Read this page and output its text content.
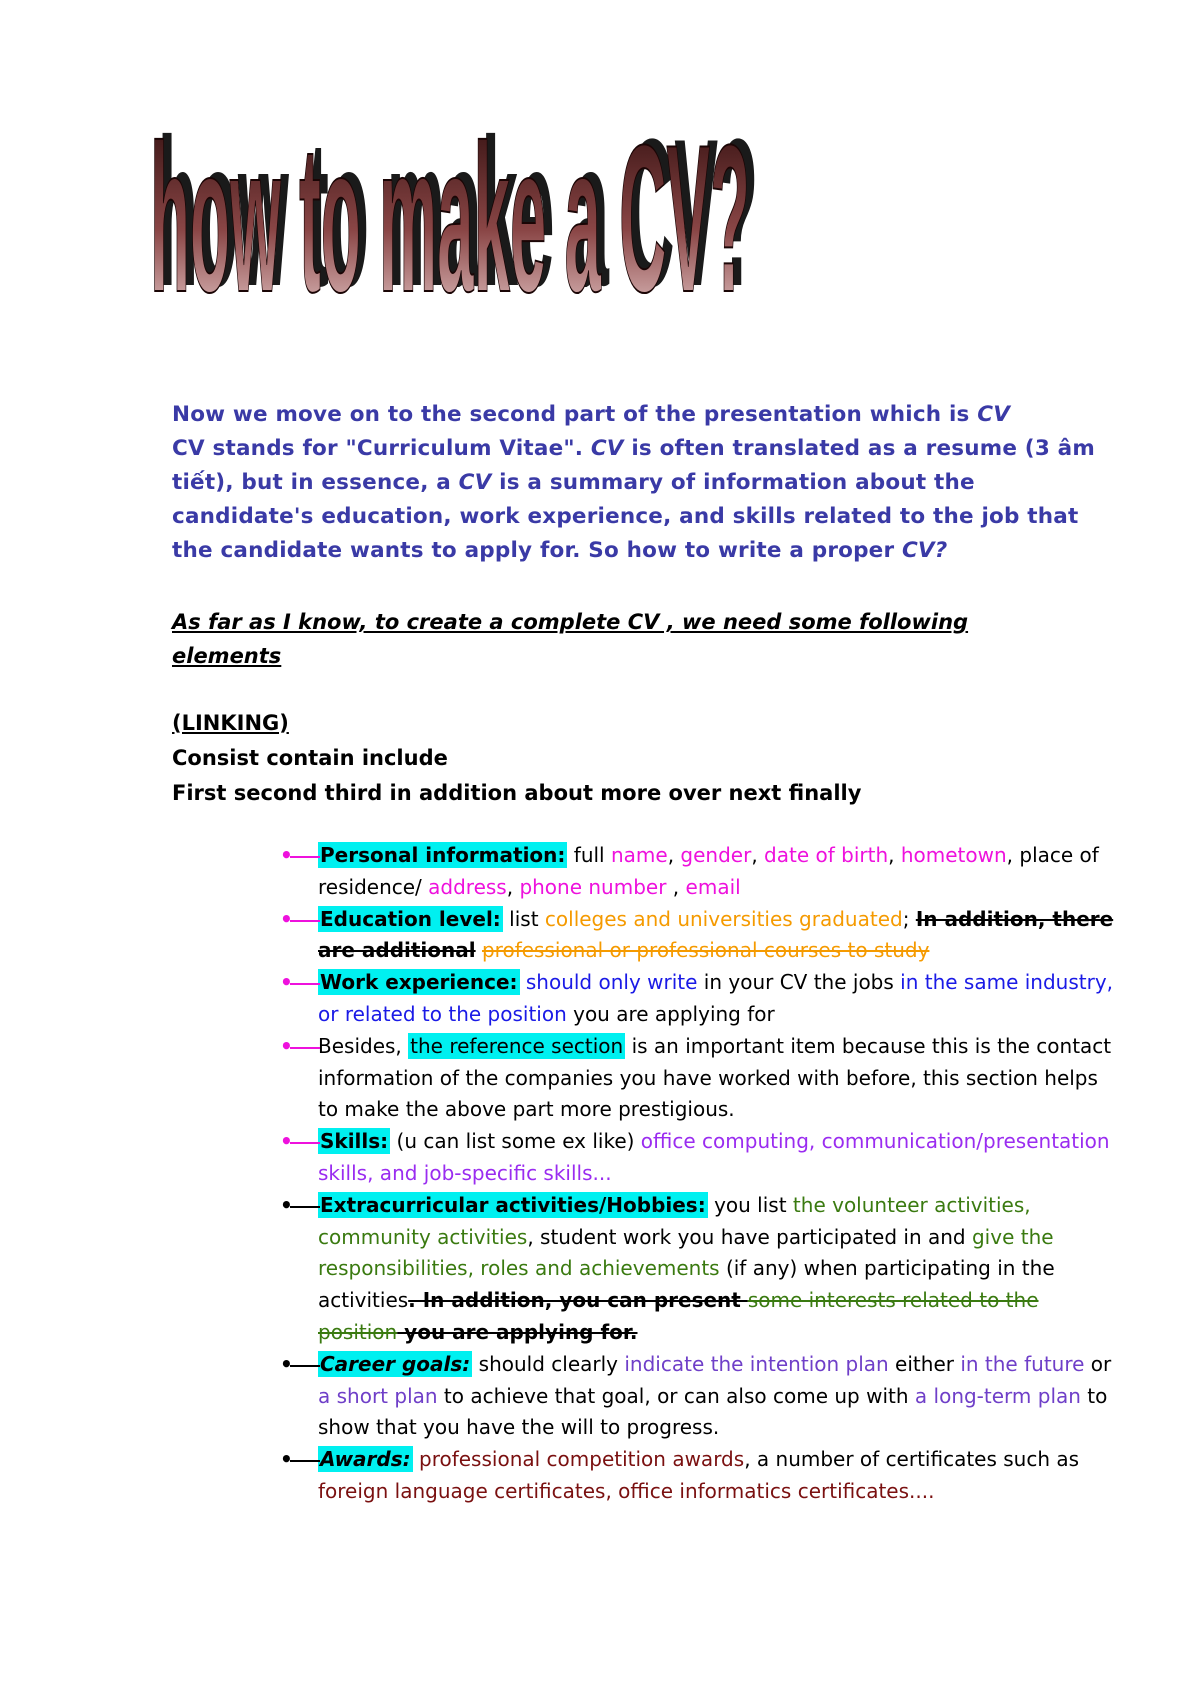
how to make a CV?
how to make a CV?

Now we move on to the second part of the presentation which is CV

CV stands for "Curriculum Vitae". CV is often translated as a resume (3 âm tiết), but in essence, a CV is a summary of information about the candidate's education, work experience, and skills related to the job that the candidate wants to apply for. So how to write a proper CV?

As far as I know, to create a complete CV , we need some following elements
(LINKING)
Consist contain include
First second third in addition about more over next finally
• Personal information: full name, gender, date of birth, hometown, place of residence/ address, phone number , email
• Education level: list colleges and universities graduated; In addition, there are additional professional or professional courses to study
• Work experience: should only write in your CV the jobs in the same industry, or related to the position you are applying for
• Besides, the reference section is an important item because this is the contact information of the companies you have worked with before, this section helps to make the above part more prestigious.
• Skills: (u can list some ex like) office computing, communication/presentation skills, and job-specific skills...
• Extracurricular activities/Hobbies: you list the volunteer activities, community activities, student work you have participated in and give the responsibilities, roles and achievements (if any) when participating in the activities. In addition, you can present some interests related to the position you are applying for.
• Career goals: should clearly indicate the intention plan either in the future or a short plan to achieve that goal, or can also come up with a long-term plan to show that you have the will to progress.
• Awards: professional competition awards, a number of certificates such as foreign language certificates, office informatics certificates....
